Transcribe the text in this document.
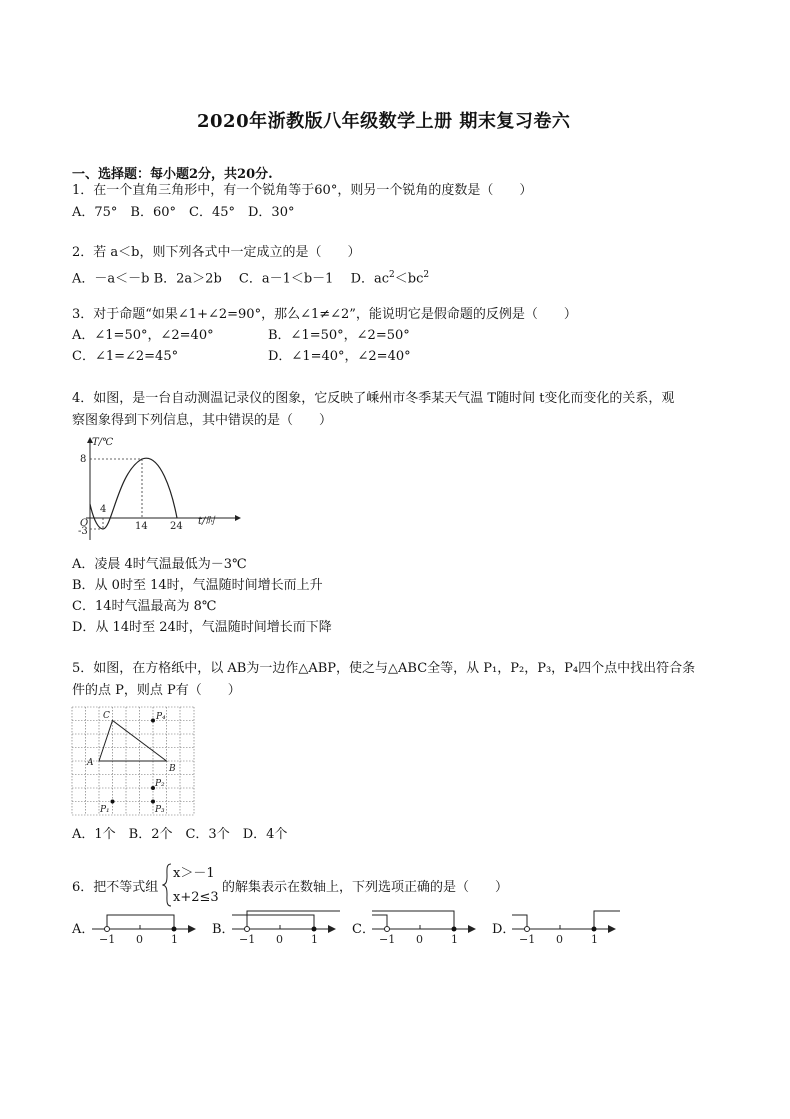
2020年浙教版八年级数学上册 期末复习卷六
一、选择题：每小题2分，共20分.
1．在一个直角三角形中，有一个锐角等于60°，则另一个锐角的度数是（　　）
A．75°　B．60°　C．45°　D．30°
2．若 a＜b，则下列各式中一定成立的是（　　）
A．－a＜－b B．2a＞2b　 C．a－1＜b－1　 D．$ac^2<bc^2$
3．对于命题“如果∠1+∠2=90°，那么∠1≠∠2”，能说明它是假命题的反例是（　　）
A．∠1=50°，∠2=40°	B．∠1=50°，∠2=50°
C．∠1=∠2=45°	D．∠1=40°，∠2=40°
4．如图，是一台自动测温记录仪的图象，它反映了嵊州市冬季某天气温 T随时间 t变化而变化的关系，观
察图象得到下列信息，其中错误的是（　　）
T/℃
t/时
O
8
-3
4
14 24
A．凌晨 4时气温最低为－3℃
B．从 0时至 14时，气温随时间增长而上升
C．14时气温最高为 8℃
D．从 14时至 24时，气温随时间增长而下降
5．如图，在方格纸中，以 AB为一边作△ABP，使之与△ABC全等，从 P₁，P₂，P₃，P₄四个点中找出符合条
件的点 P，则点 P有（　　）
C
A
B
P₄
P₂
P₃
P₁
A．1个　B．2个　C．3个　D．4个
6．把不等式组
x＞－1
x+2≤3
的解集表示在数轴上，下列选项正确的是（　　）
A．
−1 0	1
B．
−1 0	1
C．
−1 0	1
D．
−1 0	1
